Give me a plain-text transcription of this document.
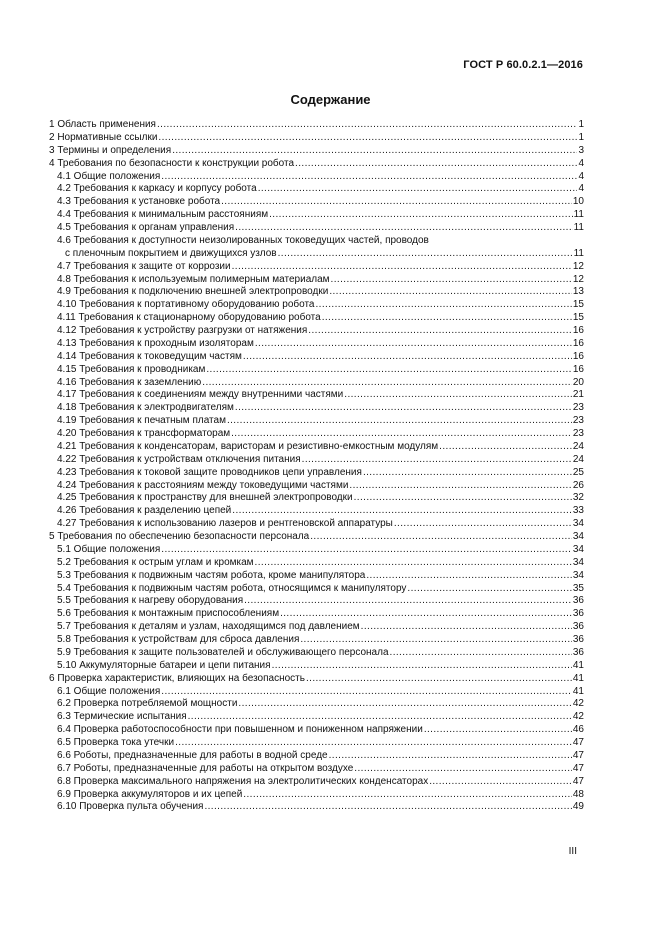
ГОСТ Р 60.0.2.1—2016
Содержание
1 Область применения .....	1
2 Нормативные ссылки .....	1
3 Термины и определения .....	3
4 Требования по безопасности к конструкции робота .....	4
4.1 Общие положения .....	4
4.2 Требования к каркасу и корпусу робота .....	4
4.3 Требования к установке робота .....	10
4.4 Требования к минимальным расстояниям .....	11
4.5 Требования к органам управления .....	11
4.6 Требования к доступности неизолированных токоведущих частей, проводов
с пленочным покрытием и движущихся узлов .....	11
4.7 Требования к защите от коррозии .....	12
4.8 Требования к используемым полимерным материалам .....	12
4.9 Требования к подключению внешней электропроводки .....	13
4.10 Требования к портативному оборудованию робота .....	15
4.11 Требования к стационарному оборудованию робота .....	15
4.12 Требования к устройству разгрузки от натяжения .....	16
4.13 Требования к проходным изоляторам .....	16
4.14 Требования к токоведущим частям .....	16
4.15 Требования к проводникам .....	16
4.16 Требования к заземлению .....	20
4.17 Требования к соединениям между внутренними частями .....	21
4.18 Требования к электродвигателям .....	23
4.19 Требования к печатным платам .....	23
4.20 Требования к трансформаторам .....	23
4.21 Требования к конденсаторам, варисторам и резистивно-емкостным модулям .....	24
4.22 Требования к устройствам отключения питания .....	24
4.23 Требования к токовой защите проводников цепи управления .....	25
4.24 Требования к расстояниям между токоведущими частями .....	26
4.25 Требования к пространству для внешней электропроводки .....	32
4.26 Требования к разделению цепей .....	33
4.27 Требования к использованию лазеров и рентгеновской аппаратуры .....	34
5 Требования по обеспечению безопасности персонала .....	34
5.1 Общие положения .....	34
5.2 Требования к острым углам и кромкам .....	34
5.3 Требования к подвижным частям робота, кроме манипулятора .....	34
5.4 Требования к подвижным частям робота, относящимся к манипулятору .....	35
5.5 Требования к нагреву оборудования .....	36
5.6 Требования к монтажным приспособлениям .....	36
5.7 Требования к деталям и узлам, находящимся под давлением .....	36
5.8 Требования к устройствам для сброса давления .....	36
5.9 Требования к защите пользователей и обслуживающего персонала .....	36
5.10 Аккумуляторные батареи и цепи питания .....	41
6 Проверка характеристик, влияющих на безопасность .....	41
6.1 Общие положения .....	41
6.2 Проверка потребляемой мощности .....	42
6.3 Термические испытания .....	42
6.4 Проверка работоспособности при повышенном и пониженном напряжении .....	46
6.5 Проверка тока утечки .....	47
6.6 Роботы, предназначенные для работы в водной среде .....	47
6.7 Роботы, предназначенные для работы на открытом воздухе .....	47
6.8 Проверка максимального напряжения на электролитических конденсаторах .....	47
6.9 Проверка аккумуляторов и их цепей .....	48
6.10 Проверка пульта обучения .....	49
III
